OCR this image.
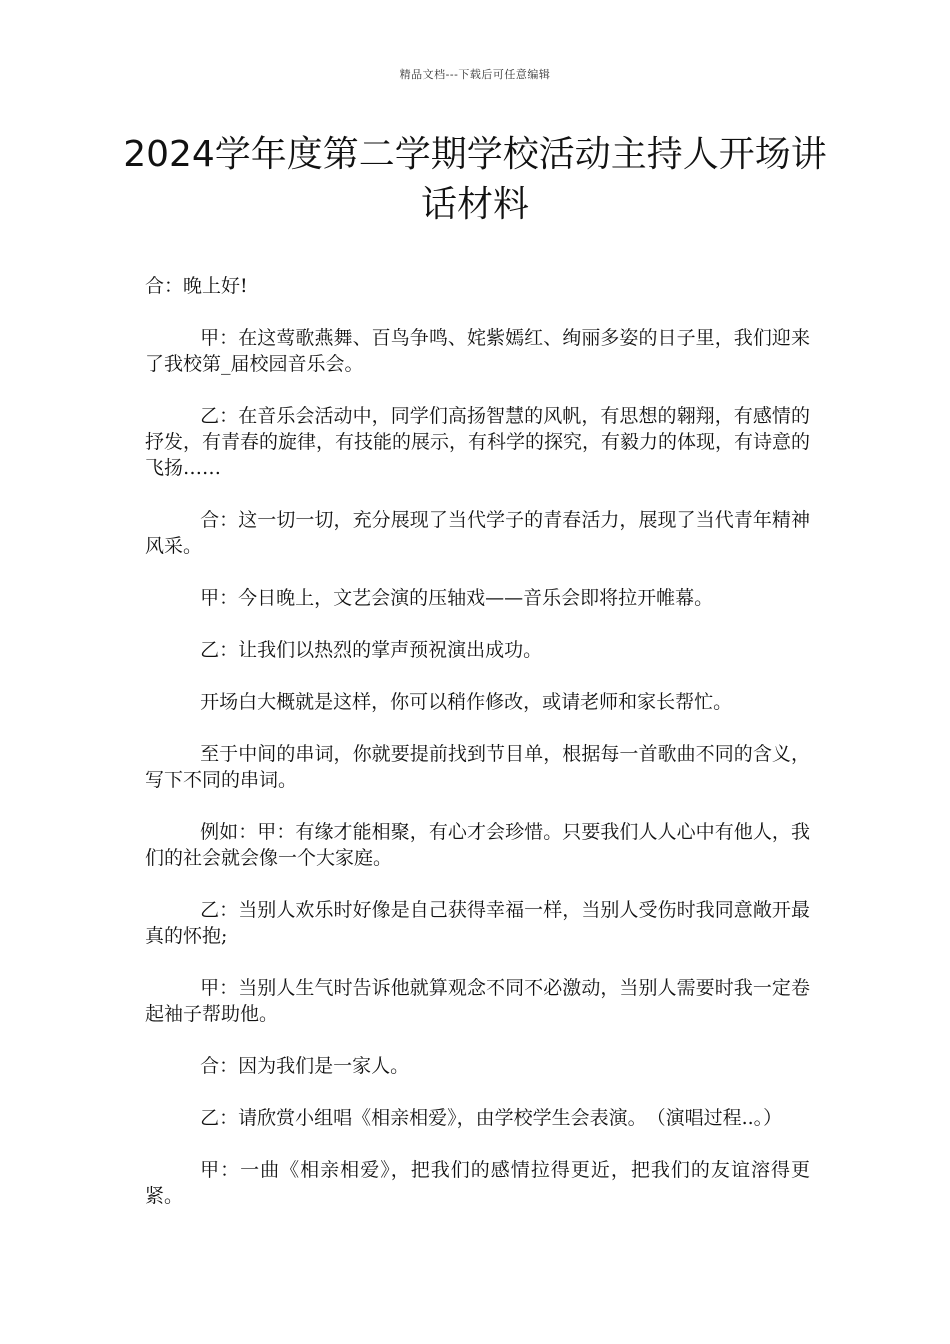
精品文档---下载后可任意编辑
2024学年度第二学期学校活动主持人开场讲话材料

合：晚上好!

甲：在这莺歌燕舞、百鸟争鸣、姹紫嫣红、绚丽多姿的日子里，我们迎来了我校第_届校园音乐会。

乙：在音乐会活动中，同学们高扬智慧的风帆，有思想的翱翔，有感情的抒发，有青春的旋律，有技能的展示，有科学的探究，有毅力的体现，有诗意的飞扬……

合：这一切一切，充分展现了当代学子的青春活力，展现了当代青年精神风采。

甲：今日晚上，文艺会演的压轴戏——音乐会即将拉开帷幕。

乙：让我们以热烈的掌声预祝演出成功。

开场白大概就是这样，你可以稍作修改，或请老师和家长帮忙。

至于中间的串词，你就要提前找到节目单，根据每一首歌曲不同的含义，写下不同的串词。

例如：甲：有缘才能相聚，有心才会珍惜。只要我们人人心中有他人，我们的社会就会像一个大家庭。

乙：当别人欢乐时好像是自己获得幸福一样，当别人受伤时我同意敞开最真的怀抱;

甲：当别人生气时告诉他就算观念不同不必激动，当别人需要时我一定卷起袖子帮助他。

合：因为我们是一家人。

乙：请欣赏小组唱《相亲相爱》，由学校学生会表演。　（演唱过程..。）

甲：一曲《相亲相爱》，把我们的感情拉得更近，把我们的友谊溶得更紧。
